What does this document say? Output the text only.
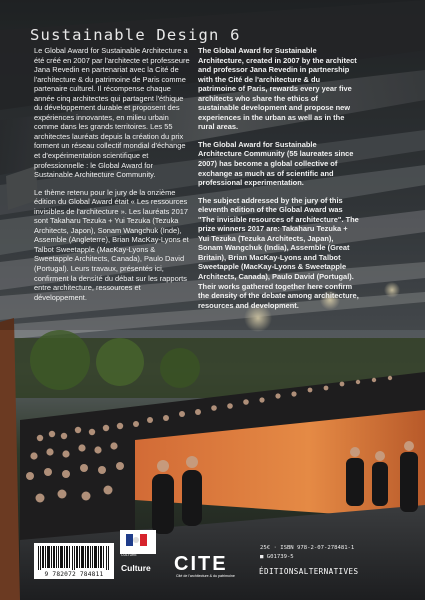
Sustainable Design 6

Le Global Award for Sustainable Architecture a été créé en 2007 par l'architecte et professeure Jana Revedin en partenariat avec la Cité de l'architecture & du patrimoine de Paris comme partenaire culturel. Il récompense chaque année cinq architectes qui partagent l'éthique du développement durable et proposent des expériences innovantes, en milieu urbain comme dans les grands territoires. Les 55 architectes lauréats depuis la création du prix forment un réseau collectif mondial d'échange et d'expérimentation scientifique et professionnelle : le Global Award for Sustainable Architecture Community.

Le thème retenu pour le jury de la onzième édition du Global Award était « Les ressources invisibles de l'architecture ». Les lauréats 2017 sont Takaharu Tezuka + Yui Tezuka (Tezuka Architects, Japon), Sonam Wangchuk (Inde), Assemble (Angleterre), Brian MacKay-Lyons et Talbot Sweetapple (MacKay-Lyons & Sweetapple Architects, Canada), Paulo David (Portugal). Leurs travaux, présentés ici, confirment la densité du débat sur les rapports entre architecture, ressources et développement.

The Global Award for Sustainable Architecture, created in 2007 by the architect and professor Jana Revedin in partnership with the Cité de l'architecture & du patrimoine of Paris, rewards every year five architects who share the ethics of sustainable development and propose new experiences in the urban as well as in the rural areas.

The Global Award for Sustainable Architecture Community (55 laureates since 2007) has become a global collective of exchange as much as of scientific and professional experimentation.

The subject addressed by the jury of this eleventh edition of the Global Award was "The invisible resources of architecture". The prize winners 2017 are: Takaharu Tezuka + Yui Tezuka (Tezuka Architects, Japan), Sonam Wangchuk (India), Assemble (Great Britain), Brian MacKay-Lyons and Talbot Sweetapple (MacKay-Lyons & Sweetapple Architects, Canada), Paulo David (Portugal). Their works gathered together here confirm the density of the debate among architecture, resources and development.

9 782072 784811
MINISTÈRE DE LA CULTURE
Culture CITE
Cité de l'architecture & du patrimoine
25€ · ISBN 978-2-07-278481-1
■ G01739-5
ÉDITIONSALTERNATIVES
